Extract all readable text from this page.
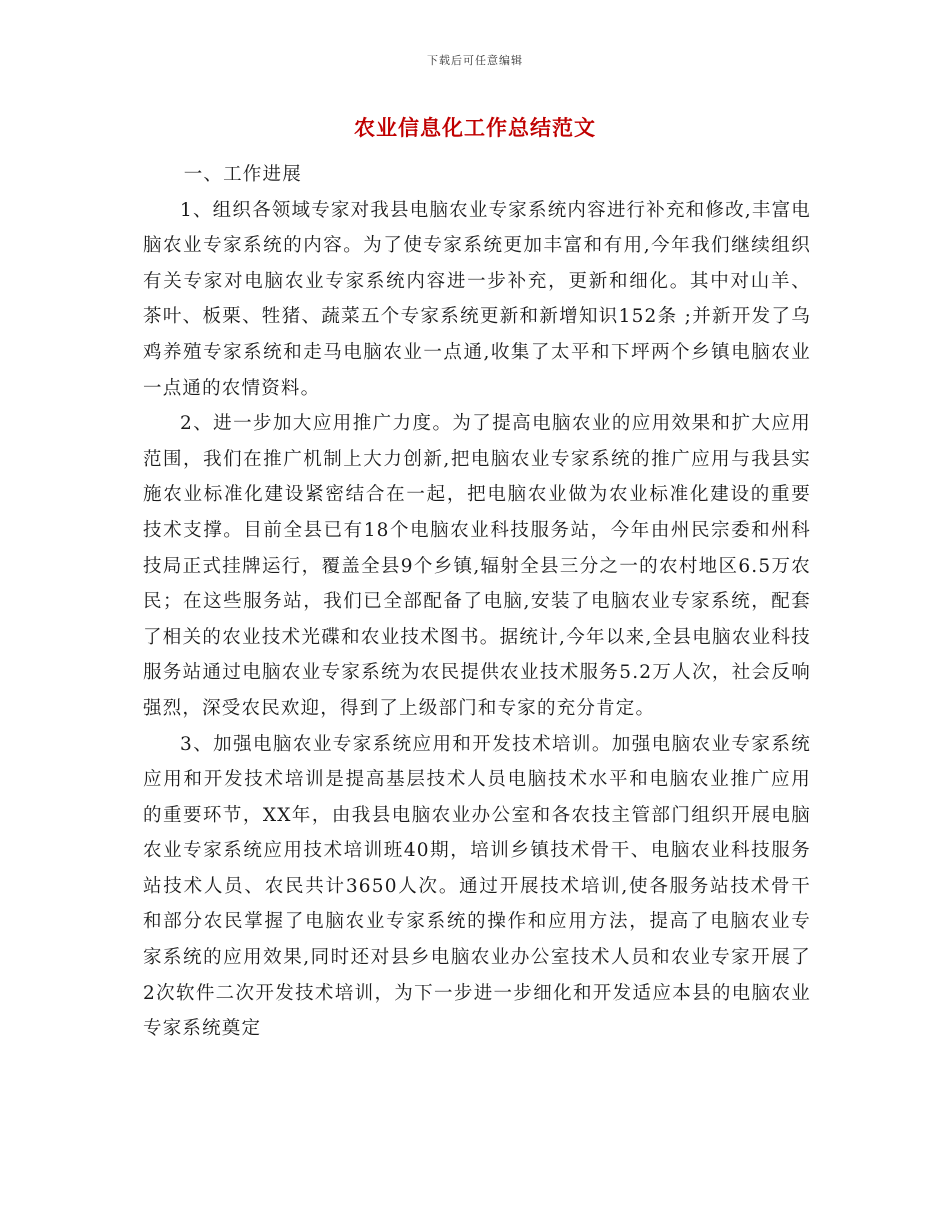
下载后可任意编辑
农业信息化工作总结范文

一、工作进展

1、组织各领域专家对我县电脑农业专家系统内容进行补充和修改,丰富电脑农业专家系统的内容。为了使专家系统更加丰富和有用,今年我们继续组织有关专家对电脑农业专家系统内容进一步补充，更新和细化。其中对山羊、茶叶、板栗、牲猪、蔬菜五个专家系统更新和新增知识152条 ;并新开发了乌鸡养殖专家系统和走马电脑农业一点通,收集了太平和下坪两个乡镇电脑农业一点通的农情资料。

2、进一步加大应用推广力度。为了提高电脑农业的应用效果和扩大应用范围，我们在推广机制上大力创新,把电脑农业专家系统的推广应用与我县实施农业标准化建设紧密结合在一起，把电脑农业做为农业标准化建设的重要技术支撑。目前全县已有18个电脑农业科技服务站，今年由州民宗委和州科技局正式挂牌运行，覆盖全县9个乡镇,辐射全县三分之一的农村地区6.5万农民；在这些服务站，我们已全部配备了电脑,安装了电脑农业专家系统，配套了相关的农业技术光碟和农业技术图书。据统计,今年以来,全县电脑农业科技服务站通过电脑农业专家系统为农民提供农业技术服务5.2万人次，社会反响强烈，深受农民欢迎，得到了上级部门和专家的充分肯定。

3、加强电脑农业专家系统应用和开发技术培训。加强电脑农业专家系统应用和开发技术培训是提高基层技术人员电脑技术水平和电脑农业推广应用的重要环节，XX年，由我县电脑农业办公室和各农技主管部门组织开展电脑农业专家系统应用技术培训班40期，培训乡镇技术骨干、电脑农业科技服务站技术人员、农民共计3650人次。通过开展技术培训,使各服务站技术骨干和部分农民掌握了电脑农业专家系统的操作和应用方法，提高了电脑农业专家系统的应用效果,同时还对县乡电脑农业办公室技术人员和农业专家开展了2次软件二次开发技术培训，为下一步进一步细化和开发适应本县的电脑农业专家系统奠定
